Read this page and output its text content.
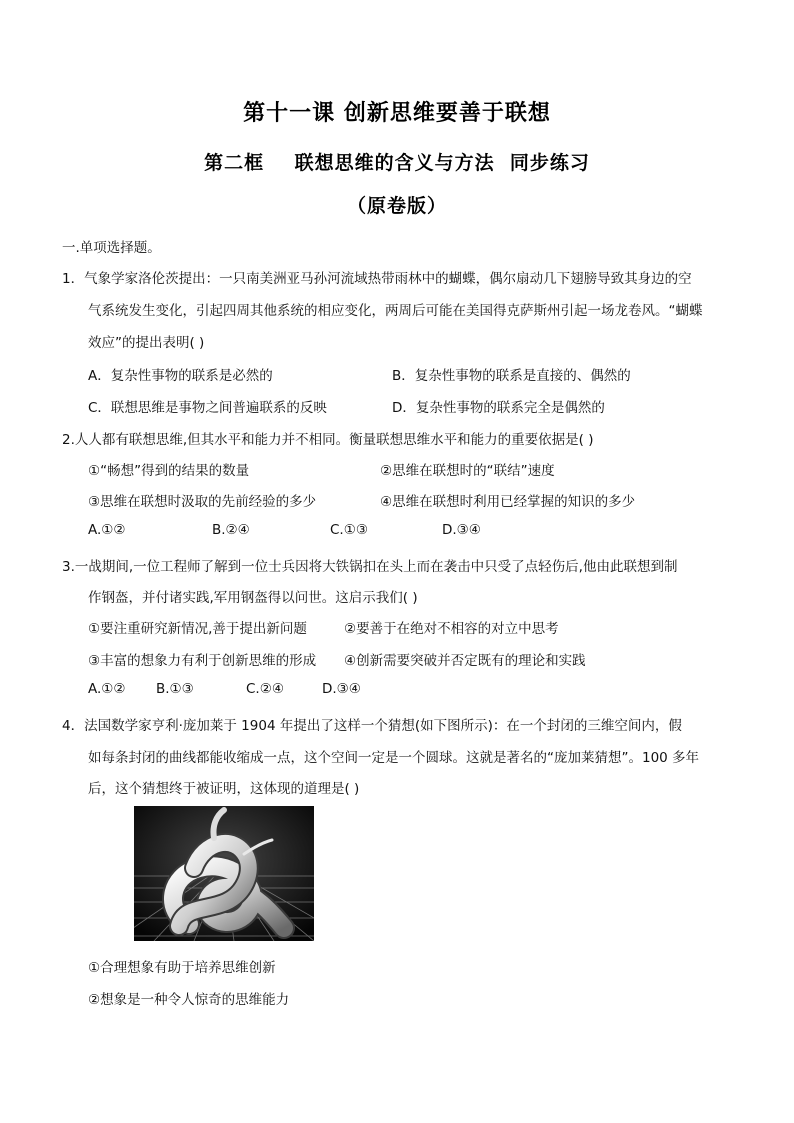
第十一课 创新思维要善于联想
第二框    联想思维的含义与方法  同步练习
（原卷版）
一.单项选择题。
1．气象学家洛伦茨提出：一只南美洲亚马孙河流域热带雨林中的蝴蝶，偶尔扇动几下翅膀导致其身边的空
气系统发生变化，引起四周其他系统的相应变化，两周后可能在美国得克萨斯州引起一场龙卷风。“蝴蝶
效应”的提出表明( )
A．复杂性事物的联系是必然的	B．复杂性事物的联系是直接的、偶然的
C．联想思维是事物之间普遍联系的反映	D．复杂性事物的联系完全是偶然的
2.人人都有联想思维,但其水平和能力并不相同。衡量联想思维水平和能力的重要依据是( )
①“畅想”得到的结果的数量	②思维在联想时的“联结”速度
③思维在联想时汲取的先前经验的多少	④思维在联想时利用已经掌握的知识的多少
A.①②	B.②④	C.①③	D.③④
3.一战期间,一位工程师了解到一位士兵因将大铁锅扣在头上而在袭击中只受了点轻伤后,他由此联想到制
作钢盔，并付诸实践,军用钢盔得以问世。这启示我们( )
①要注重研究新情况,善于提出新问题	②要善于在绝对不相容的对立中思考
③丰富的想象力有利于创新思维的形成 ④创新需要突破并否定既有的理论和实践
A.①② B.①③	C.②④	D.③④
4．法国数学家亨利·庞加莱于 1904 年提出了这样一个猜想(如下图所示)：在一个封闭的三维空间内，假
如每条封闭的曲线都能收缩成一点，这个空间一定是一个圆球。这就是著名的“庞加莱猜想”。100 多年
后，这个猜想终于被证明，这体现的道理是( )
①合理想象有助于培养思维创新
②想象是一种令人惊奇的思维能力
